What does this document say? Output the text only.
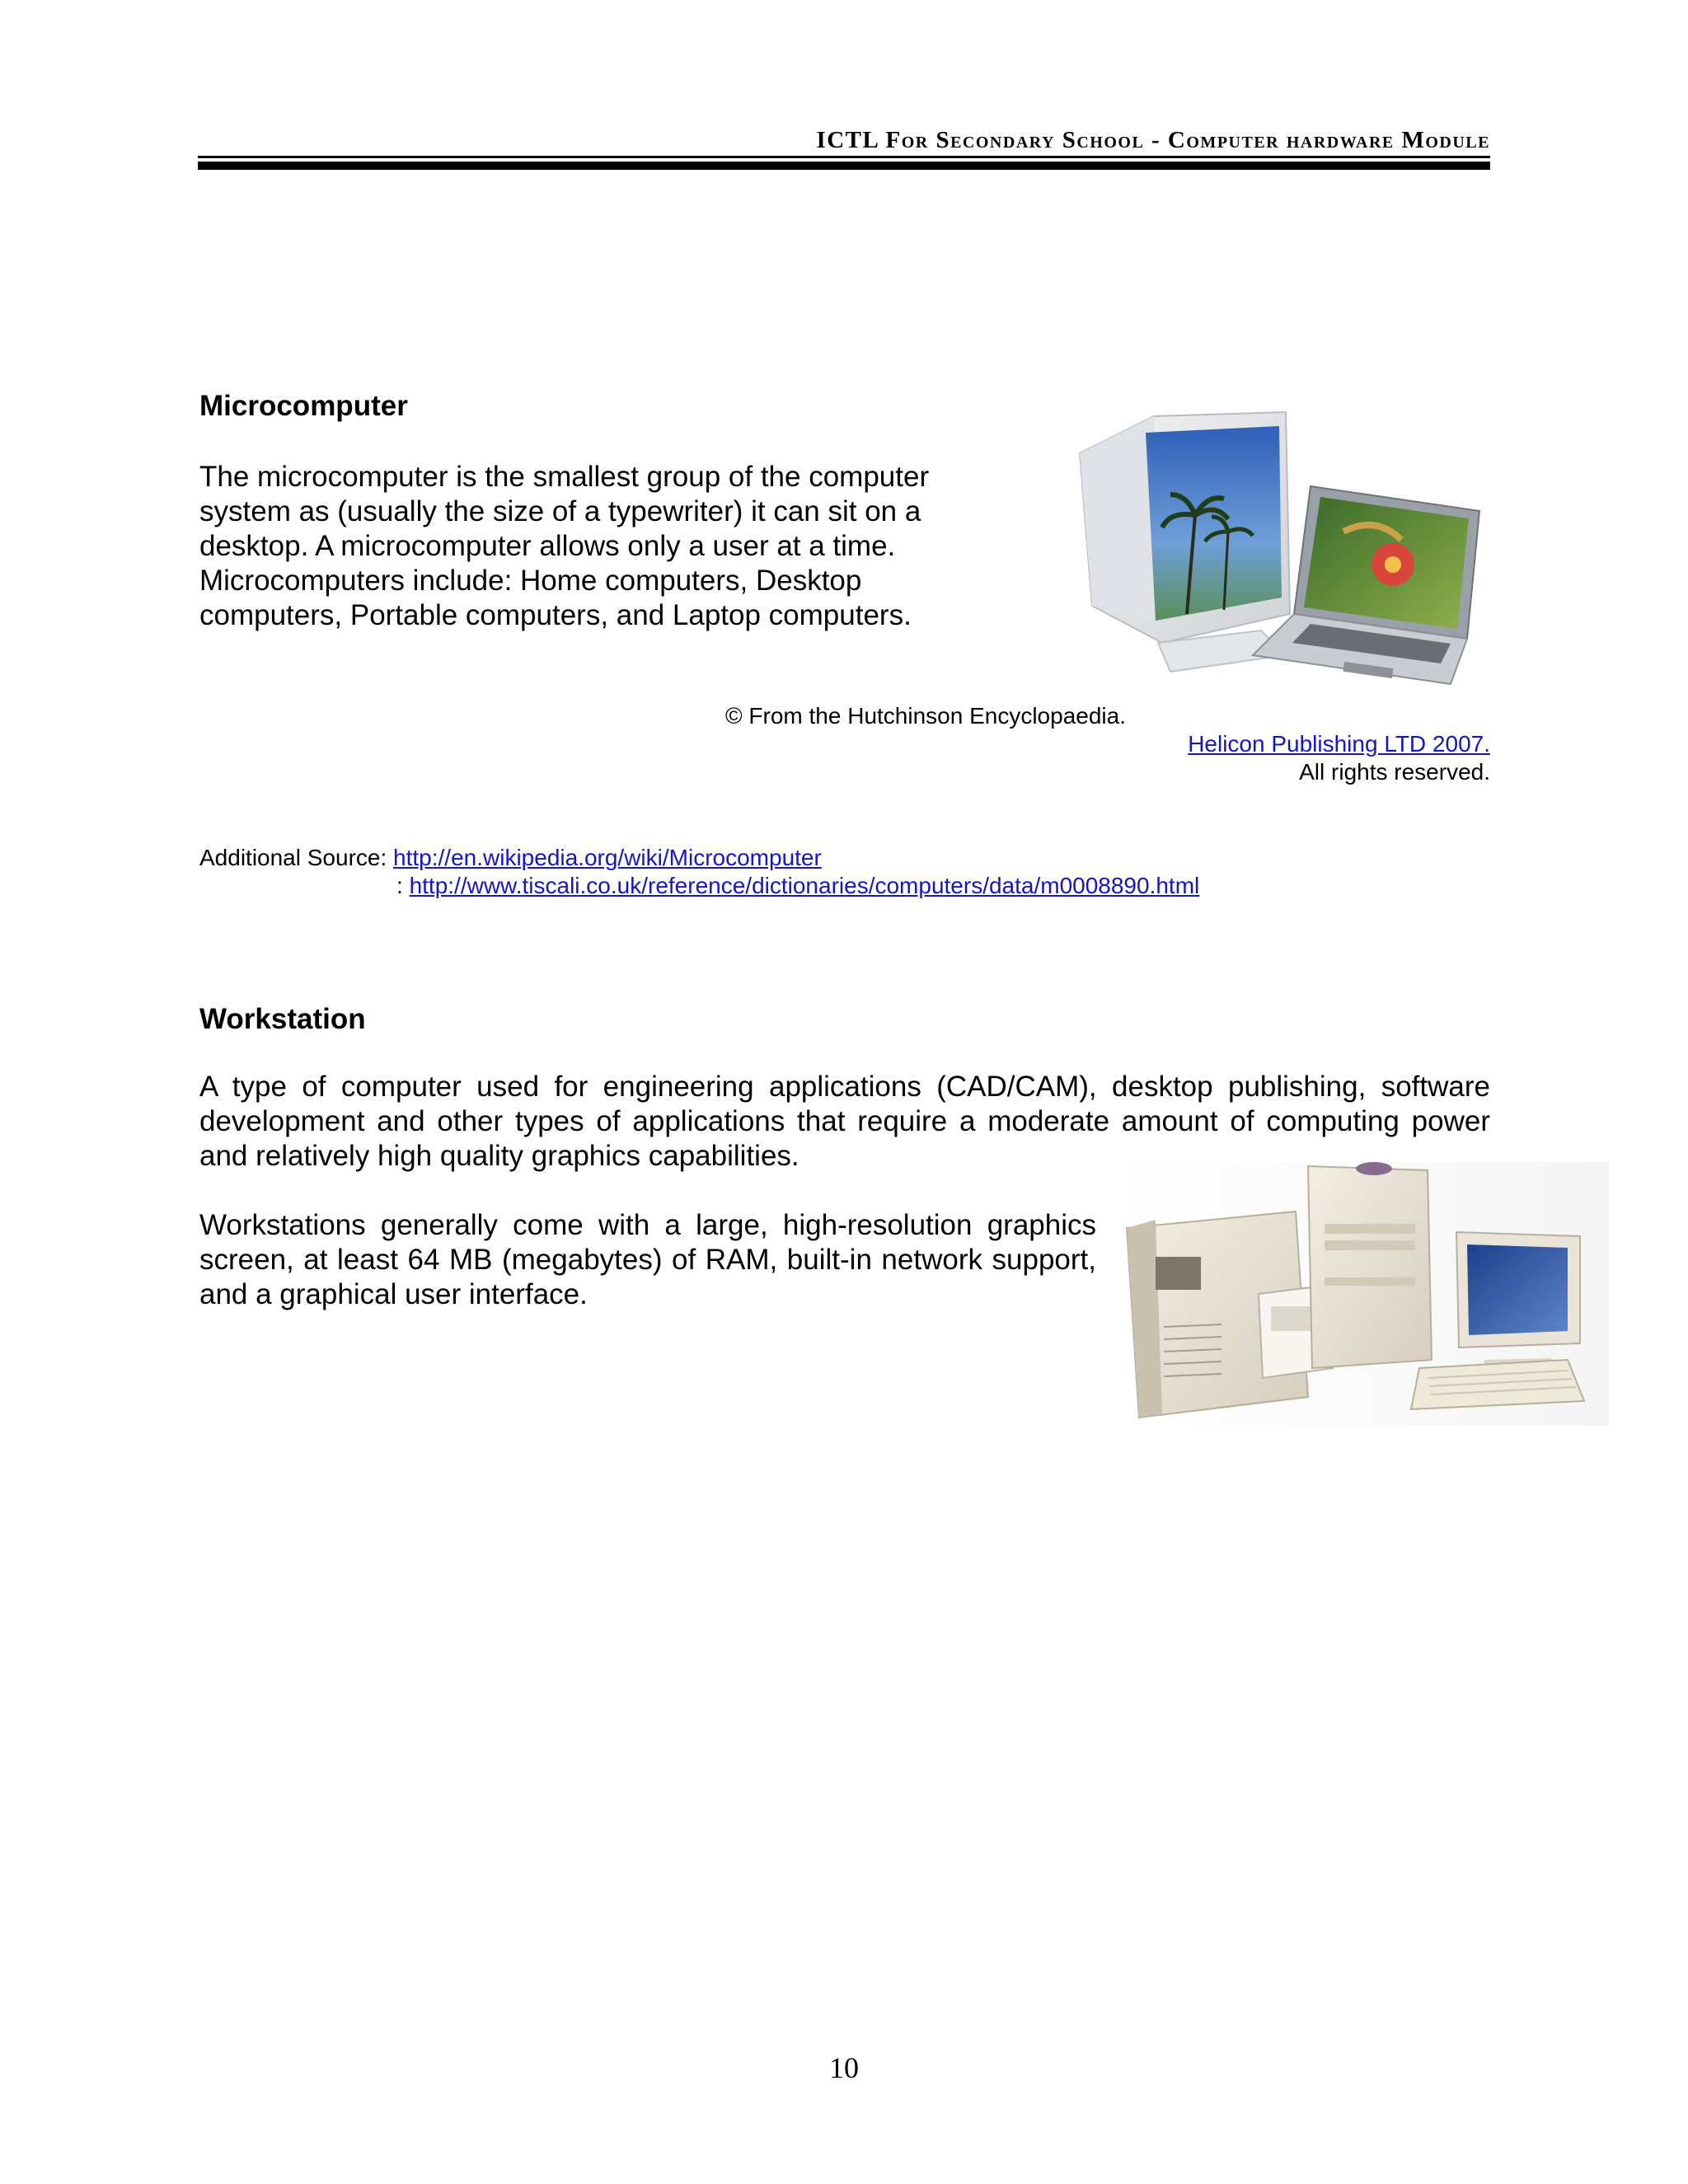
ICTL For Secondary School - Computer hardware Module
Microcomputer
The microcomputer is the smallest group of the computer
system as (usually the size of a typewriter) it can sit on a
desktop. A microcomputer allows only a user at a time.
Microcomputers include: Home computers, Desktop
computers, Portable computers, and Laptop computers.
© From the Hutchinson Encyclopaedia.
Helicon Publishing LTD 2007.
All rights reserved.
Additional Source: http://en.wikipedia.org/wiki/Microcomputer
: http://www.tiscali.co.uk/reference/dictionaries/computers/data/m0008890.html
Workstation
A type of computer used for engineering applications (CAD/CAM), desktop publishing, software development and other types of applications that require a moderate amount of computing power and relatively high quality graphics capabilities.
Workstations generally come with a large, high-resolution graphics screen, at least 64 MB (megabytes) of RAM, built-in network support, and a graphical user interface.
10
